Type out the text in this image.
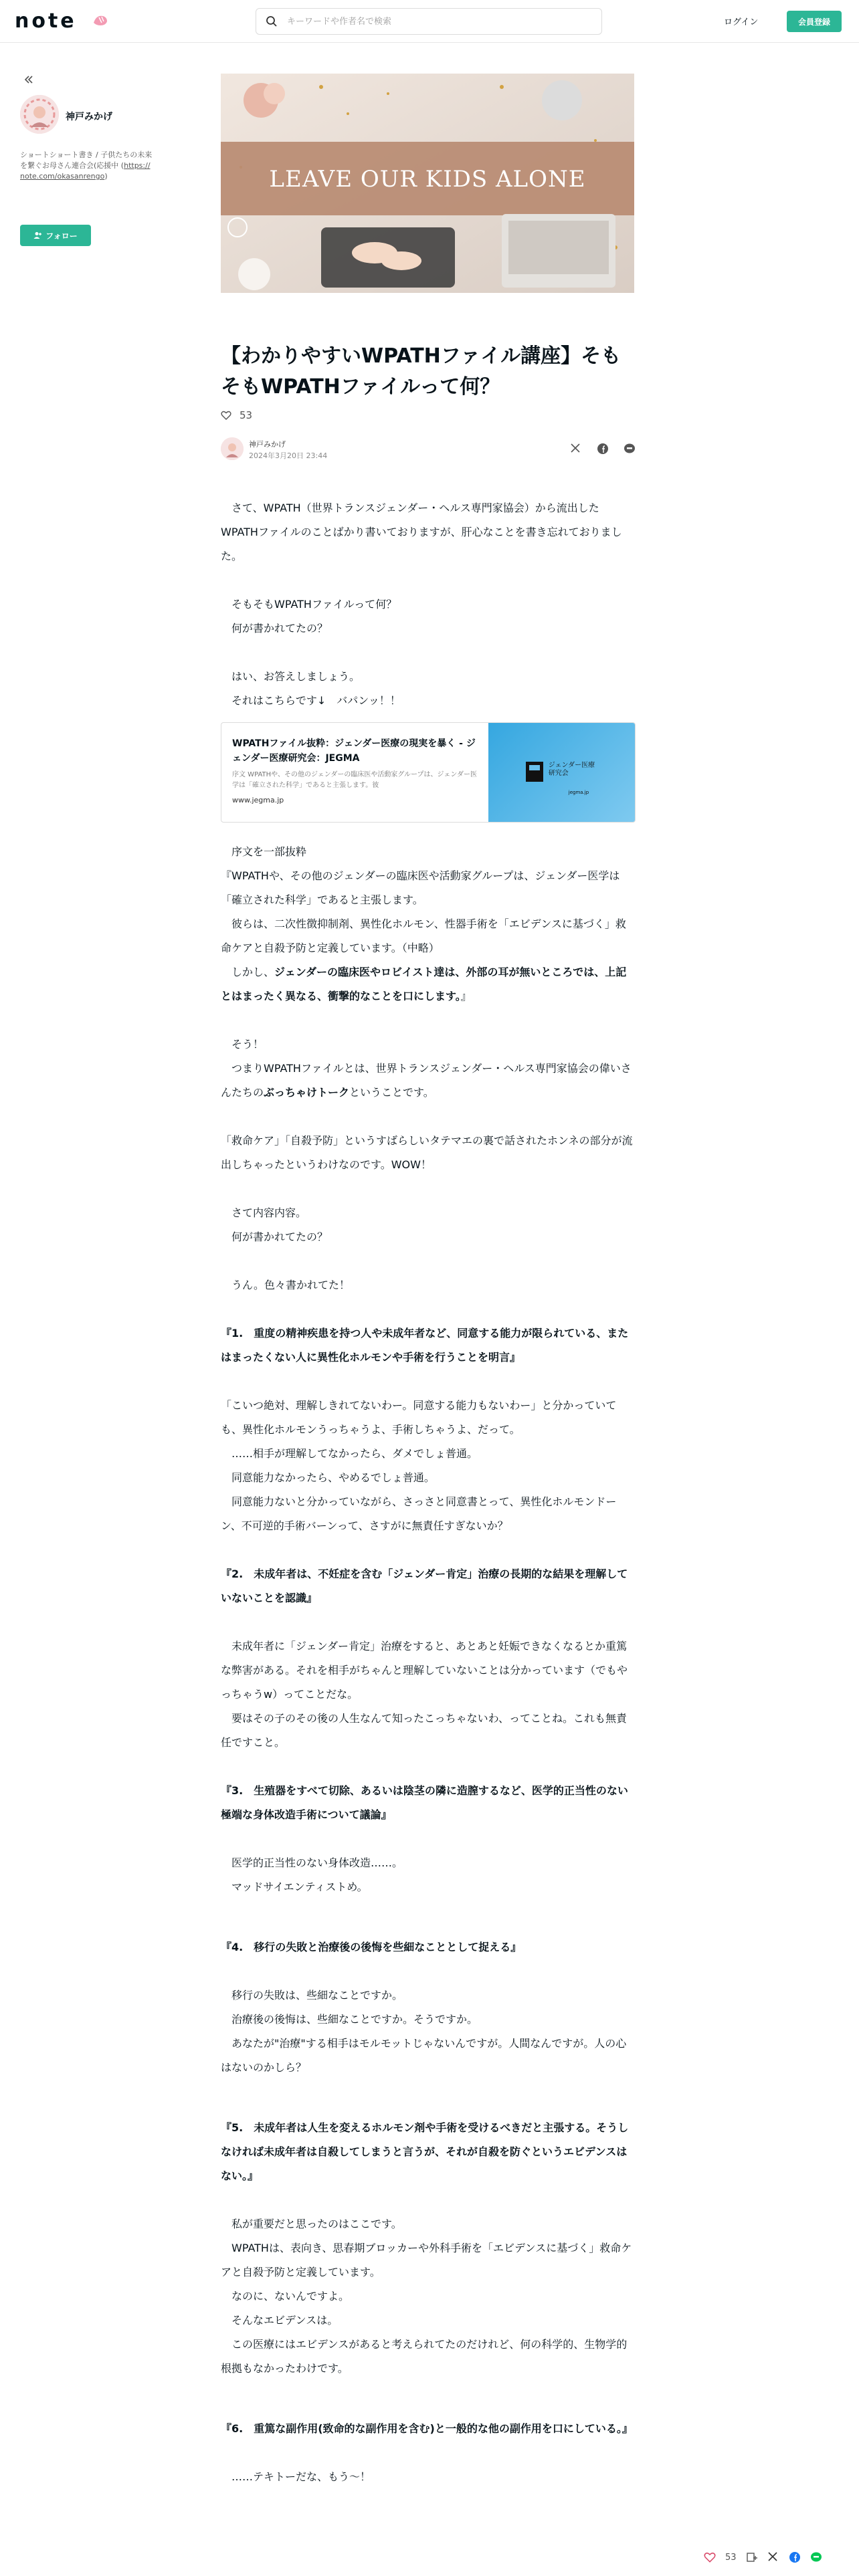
note
キーワードや作者名で検索	ログイン	会員登録
神戸みかげ
ショートショート書き / 子供たちの未来を繋ぐお母さん連合会(応援中 (https://note.com/okasanrengo)
フォロー
LEAVE OUR KIDS ALONE
【わかりやすいWPATHファイル講座】そもそもWPATHファイルって何？
53
神戸みかげ
2024年3月20日 23:44

　さて、WPATH（世界トランスジェンダー・ヘルス専門家協会）から流出したWPATHファイルのことばかり書いておりますが、肝心なことを書き忘れておりました。

　そもそもWPATHファイルって何？

　何が書かれてたの？

　はい、お答えしましょう。

　それはこちらです↓　バパンッ！！

WPATHファイル抜粋：ジェンダー医療の現実を暴く - ジェンダー医療研究会：JEGMA
序文 WPATHや、その他のジェンダーの臨床医や活動家グループは、ジェンダー医学は「確立された科学」であると主張します。彼
www.jegma.jp
ジェンダー医療研究会
jegma.jp

　序文を一部抜粋

『WPATHや、その他のジェンダーの臨床医や活動家グループは、ジェンダー医学は「確立された科学」であると主張します。

　彼らは、二次性徴抑制剤、異性化ホルモン、性器手術を「エビデンスに基づく」救命ケアと自殺予防と定義しています。（中略）

　しかし、ジェンダーの臨床医やロビイスト達は、外部の耳が無いところでは、上記とはまったく異なる、衝撃的なことを口にします。』

　そう！

　つまりWPATHファイルとは、世界トランスジェンダー・ヘルス専門家協会の偉いさんたちのぶっちゃけトークということです。

「救命ケア」「自殺予防」というすばらしいタテマエの裏で話されたホンネの部分が流出しちゃったというわけなのです。WOW！

　さて内容内容。

　何が書かれてたの？

　うん。色々書かれてた！

『1.　重度の精神疾患を持つ人や未成年者など、同意する能力が限られている、またはまったくない人に異性化ホルモンや手術を行うことを明言』

「こいつ絶対、理解しきれてないわー。同意する能力もないわー」と分かっていても、異性化ホルモンうっちゃうよ、手術しちゃうよ、だって。

　……相手が理解してなかったら、ダメでしょ普通。

　同意能力なかったら、やめるでしょ普通。

　同意能力ないと分かっていながら、さっさと同意書とって、異性化ホルモンドーン、不可逆的手術バーンって、さすがに無責任すぎないか？

『2.　未成年者は、不妊症を含む「ジェンダー肯定」治療の長期的な結果を理解していないことを認識』

　未成年者に「ジェンダー肯定」治療をすると、あとあと妊娠できなくなるとか重篤な弊害がある。それを相手がちゃんと理解していないことは分かっています（でもやっちゃうw）ってことだな。

　要はその子のその後の人生なんて知ったこっちゃないわ、ってことね。これも無責任ですこと。

『3.　生殖器をすべて切除、あるいは陰茎の隣に造膣するなど、医学的正当性のない極端な身体改造手術について議論』

　医学的正当性のない身体改造……。

　マッドサイエンティストめ。

『4.　移行の失敗と治療後の後悔を些細なこととして捉える』

　移行の失敗は、些細なことですか。

　治療後の後悔は、些細なことですか。そうですか。

　あなたが"治療"する相手はモルモットじゃないんですが。人間なんですが。人の心はないのかしら？

『5.　未成年者は人生を変えるホルモン剤や手術を受けるべきだと主張する。そうしなければ未成年者は自殺してしまうと言うが、それが自殺を防ぐというエビデンスはない。』

　私が重要だと思ったのはここです。

　WPATHは、表向き、思春期ブロッカーや外科手術を「エビデンスに基づく」救命ケアと自殺予防と定義しています。

　なのに、ないんですよ。

　そんなエビデンスは。

　この医療にはエビデンスがあると考えられてたのだけれど、何の科学的、生物学的根拠もなかったわけです。

『6.　重篤な副作用(致命的な副作用を含む)と一般的な他の副作用を口にしている。』

　……テキトーだな、もう～！

53
